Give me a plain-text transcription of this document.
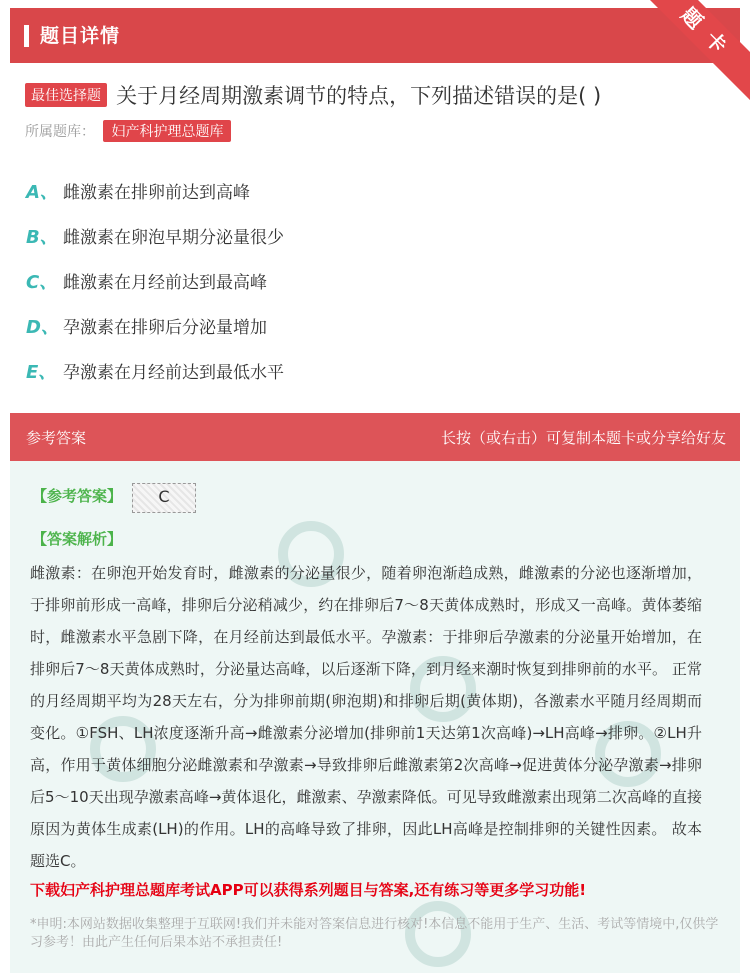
题目详情	题卡
最佳选择题 关于月经周期激素调节的特点，下列描述错误的是( )
所属题库： 妇产科护理总题库
A、 雌激素在排卵前达到高峰
B、 雌激素在卵泡早期分泌量很少
C、 雌激素在月经前达到最高峰
D、 孕激素在排卵后分泌量增加
E、 孕激素在月经前达到最低水平
参考答案	长按（或右击）可复制本题卡或分享给好友
【参考答案】	C
【答案解析】
雌激素：在卵泡开始发育时，雌激素的分泌量很少，随着卵泡渐趋成熟，雌激素的分泌也逐渐增加，于排卵前形成一高峰，排卵后分泌稍减少，约在排卵后7～8天黄体成熟时，形成又一高峰。黄体萎缩时，雌激素水平急剧下降，在月经前达到最低水平。孕激素：于排卵后孕激素的分泌量开始增加，在排卵后7～8天黄体成熟时，分泌量达高峰，以后逐渐下降，到月经来潮时恢复到排卵前的水平。 正常的月经周期平均为28天左右，分为排卵前期(卵泡期)和排卵后期(黄体期)，各激素水平随月经周期而变化。①FSH、LH浓度逐渐升高→雌激素分泌增加(排卵前1天达第1次高峰)→LH高峰→排卵。②LH升高，作用于黄体细胞分泌雌激素和孕激素→导致排卵后雌激素第2次高峰→促进黄体分泌孕激素→排卵后5～10天出现孕激素高峰→黄体退化，雌激素、孕激素降低。可见导致雌激素出现第二次高峰的直接原因为黄体生成素(LH)的作用。LH的高峰导致了排卵，因此LH高峰是控制排卵的关键性因素。 故本题选C。
下载妇产科护理总题库考试APP可以获得系列题目与答案,还有练习等更多学习功能!
*申明:本网站数据收集整理于互联网!我们并未能对答案信息进行核对!本信息不能用于生产、生活、考试等情境中,仅供学习参考！由此产生任何后果本站不承担责任!
